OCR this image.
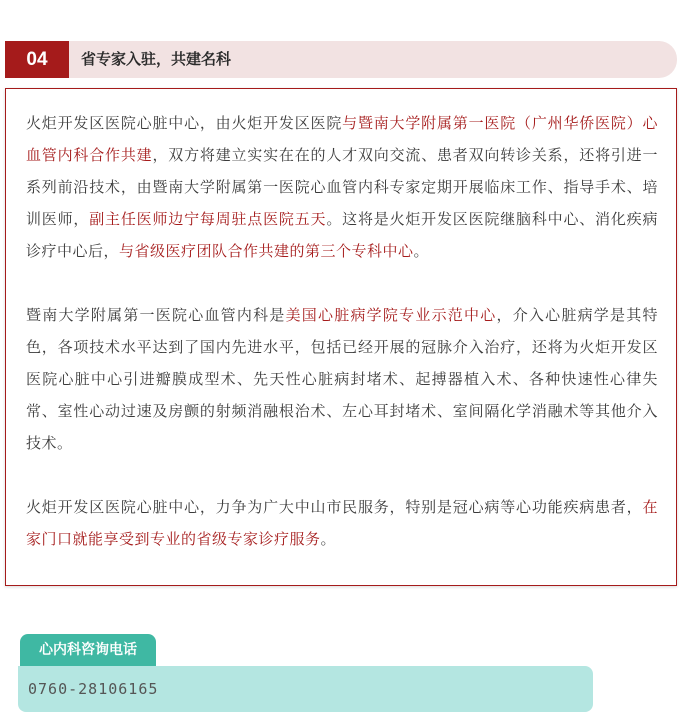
04	省专家入驻，共建名科

火炬开发区医院心脏中心，由火炬开发区医院与暨南大学附属第一医院（广州华侨医院）心血管内科合作共建，双方将建立实实在在的人才双向交流、患者双向转诊关系，还将引进一系列前沿技术，由暨南大学附属第一医院心血管内科专家定期开展临床工作、指导手术、培训医师，副主任医师边宁每周驻点医院五天。这将是火炬开发区医院继脑科中心、消化疾病诊疗中心后，与省级医疗团队合作共建的第三个专科中心。

暨南大学附属第一医院心血管内科是美国心脏病学院专业示范中心，介入心脏病学是其特色，各项技术水平达到了国内先进水平，包括已经开展的冠脉介入治疗，还将为火炬开发区医院心脏中心引进瓣膜成型术、先天性心脏病封堵术、起搏器植入术、各种快速性心律失常、室性心动过速及房颤的射频消融根治术、左心耳封堵术、室间隔化学消融术等其他介入技术。

火炬开发区医院心脏中心，力争为广大中山市民服务，特别是冠心病等心功能疾病患者，在家门口就能享受到专业的省级专家诊疗服务。

心内科咨询电话
0760-28106165
